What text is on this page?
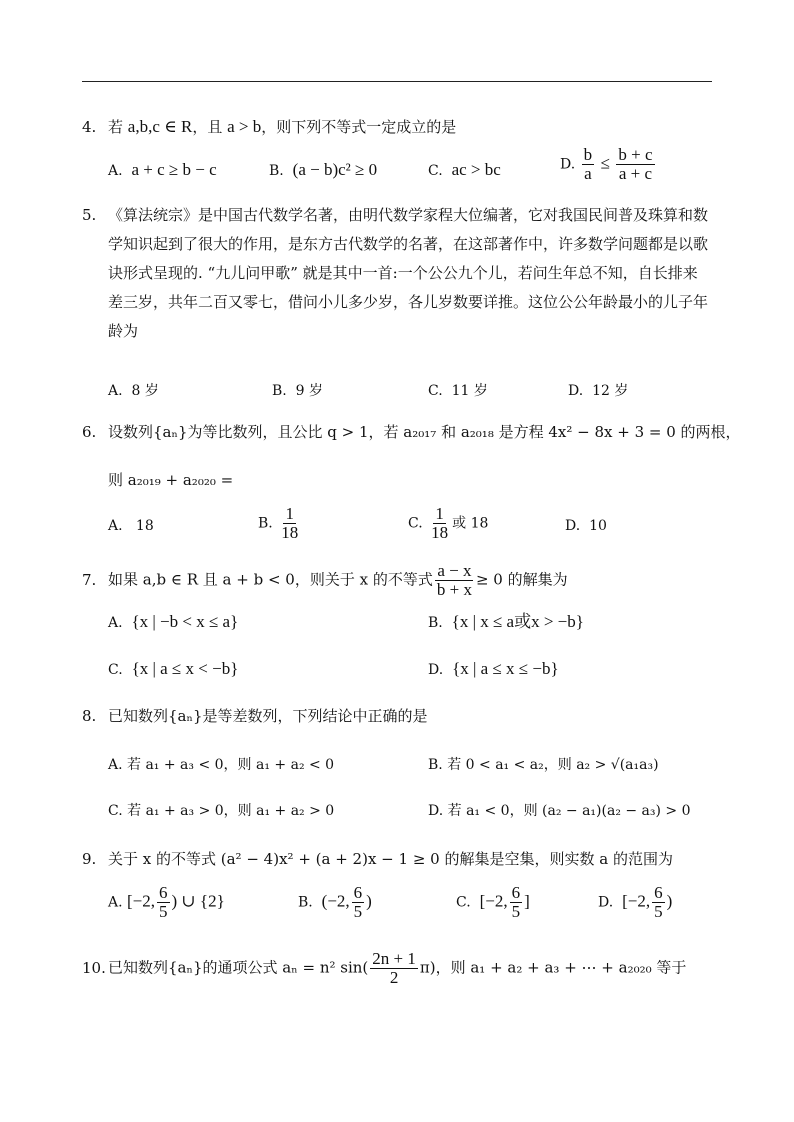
4. 若 a,b,c ∈ R，且 a > b，则下列不等式一定成立的是
A. a + c ≥ b − c	B. (a − b)c² ≥ 0	C. ac > bc	D. $\frac{b}{a} \le \frac{b + c}{a + c}$
5. 《算法统宗》是中国古代数学名著，由明代数学家程大位编著，它对我国民间普及珠算和数学知识起到了很大的作用，是东方古代数学的名著，在这部著作中，许多数学问题都是以歌诀形式呈现的. “九儿问甲歌” 就是其中一首:一个公公九个儿，若问生年总不知，自长排来差三岁，共年二百又零七，借问小儿多少岁，各儿岁数要详推。这位公公年龄最小的儿子年龄为
A. 8 岁	B. 9 岁	C. 11 岁	D. 12 岁
6. 设数列{aₙ}为等比数列，且公比 q > 1，若 a₂₀₁₇ 和 a₂₀₁₈ 是方程 4x² − 8x + 3 = 0 的两根，
则 a₂₀₁₉ + a₂₀₂₀ =
A. 18	B. $\frac{1}{18}$	C. $\frac{1}{18}$ 或 18	D. 10
7. 如果 a,b ∈ R 且 a + b < 0，则关于 x 的不等式 $\frac{a - x}{b + x} \ge 0$ 的解集为
A. {x | −b < x ≤ a}	B. {x | x ≤ a或x > −b}
C. {x | a ≤ x < −b}	D. {x | a ≤ x ≤ −b}
8. 已知数列{aₙ}是等差数列，下列结论中正确的是
A. 若 a₁ + a₃ < 0，则 a₁ + a₂ < 0	B. 若 0 < a₁ < a₂，则 a₂ > √(a₁a₃)
C. 若 a₁ + a₃ > 0，则 a₁ + a₂ > 0	D. 若 a₁ < 0，则 (a₂ − a₁)(a₂ − a₃) > 0
9. 关于 x 的不等式 (a² − 4)x² + (a + 2)x − 1 ≥ 0 的解集是空集，则实数 a 的范围为
A. [−2, $\frac{6}{5}$ ) ∪ {2}	B. (−2, $\frac{6}{5}$ )	C. [−2, $\frac{6}{5}$ ]	D. [−2, $\frac{6}{5}$ )
10. 已知数列{aₙ}的通项公式 aₙ = n² $\sin( \frac{2n + 1}{2} \pi)$，则 a₁ + a₂ + a₃ + ⋯ + a₂₀₂₀ 等于
